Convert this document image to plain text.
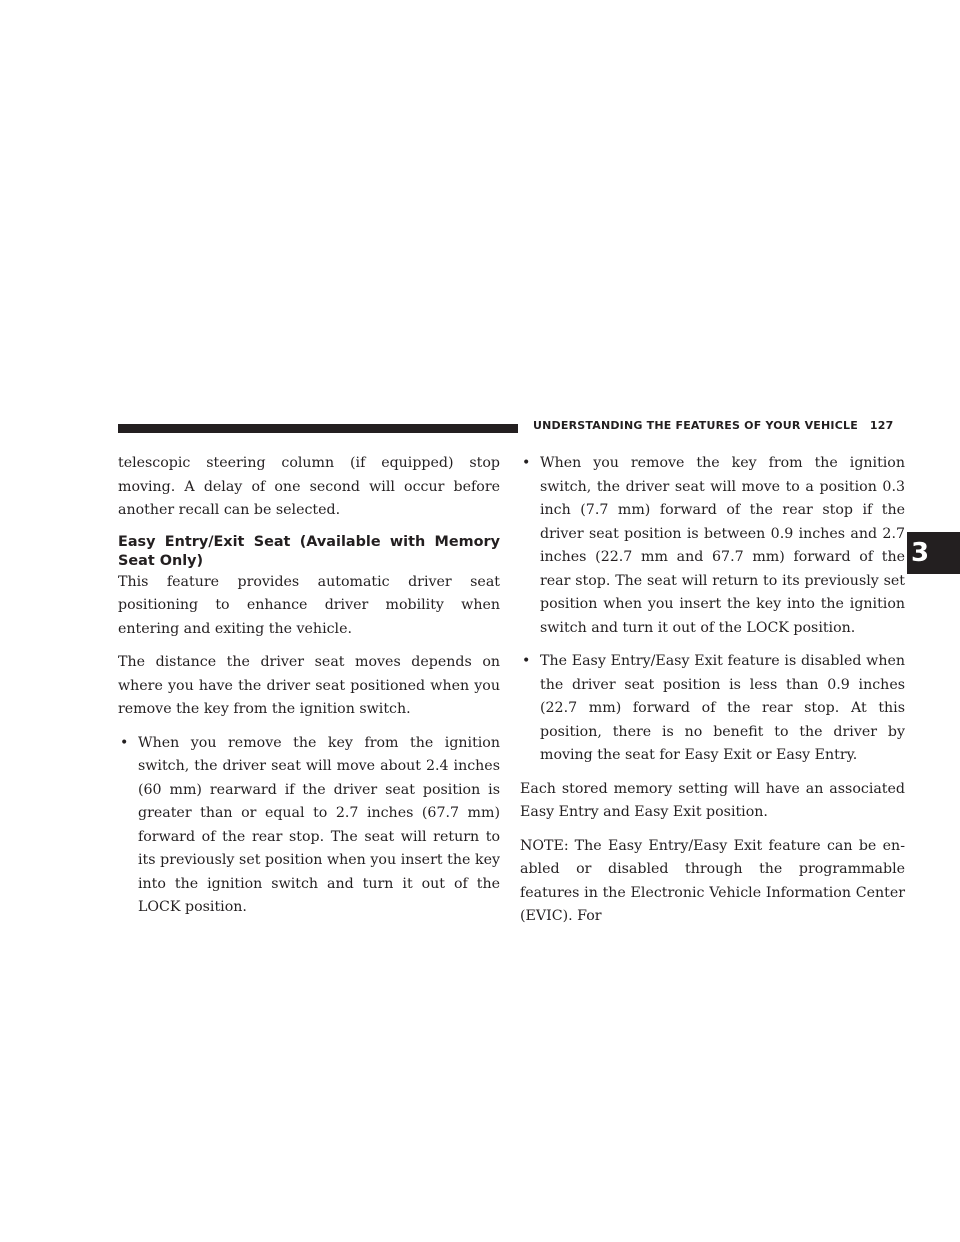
UNDERSTANDING THE FEATURES OF YOUR VEHICLE 127
3

telescopic steering column (if equipped) stop moving. A delay of one second will occur before another recall can be selected.

Easy Entry/Exit Seat (Available with Memory Seat Only)

This feature provides automatic driver seat positioning to enhance driver mobility when entering and exiting the vehicle.

The distance the driver seat moves depends on where you have the driver seat positioned when you remove the key from the ignition switch.

• When you remove the key from the ignition switch, the driver seat will move about 2.4 inches (60 mm) rearward if the driver seat position is greater than or equal to 2.7 inches (67.7 mm) forward of the rear stop. The seat will return to its previously set position when you insert the key into the ignition switch and turn it out of the LOCK position.
• When you remove the key from the ignition switch, the driver seat will move to a position 0.3 inch (7.7 mm) forward of the rear stop if the driver seat position is between 0.9 inches and 2.7 inches (22.7 mm and 67.7 mm) forward of the rear stop. The seat will return to its previously set position when you insert the key into the ignition switch and turn it out of the LOCK position.
• The Easy Entry/Easy Exit feature is disabled when the driver seat position is less than 0.9 inches (22.7 mm) forward of the rear stop. At this position, there is no benefit to the driver by moving the seat for Easy Exit or Easy Entry.

Each stored memory setting will have an associated Easy Entry and Easy Exit position.

NOTE: The Easy Entry/Easy Exit feature can be en-abled or disabled through the programmable features in the Electronic Vehicle Information Center (EVIC). For
